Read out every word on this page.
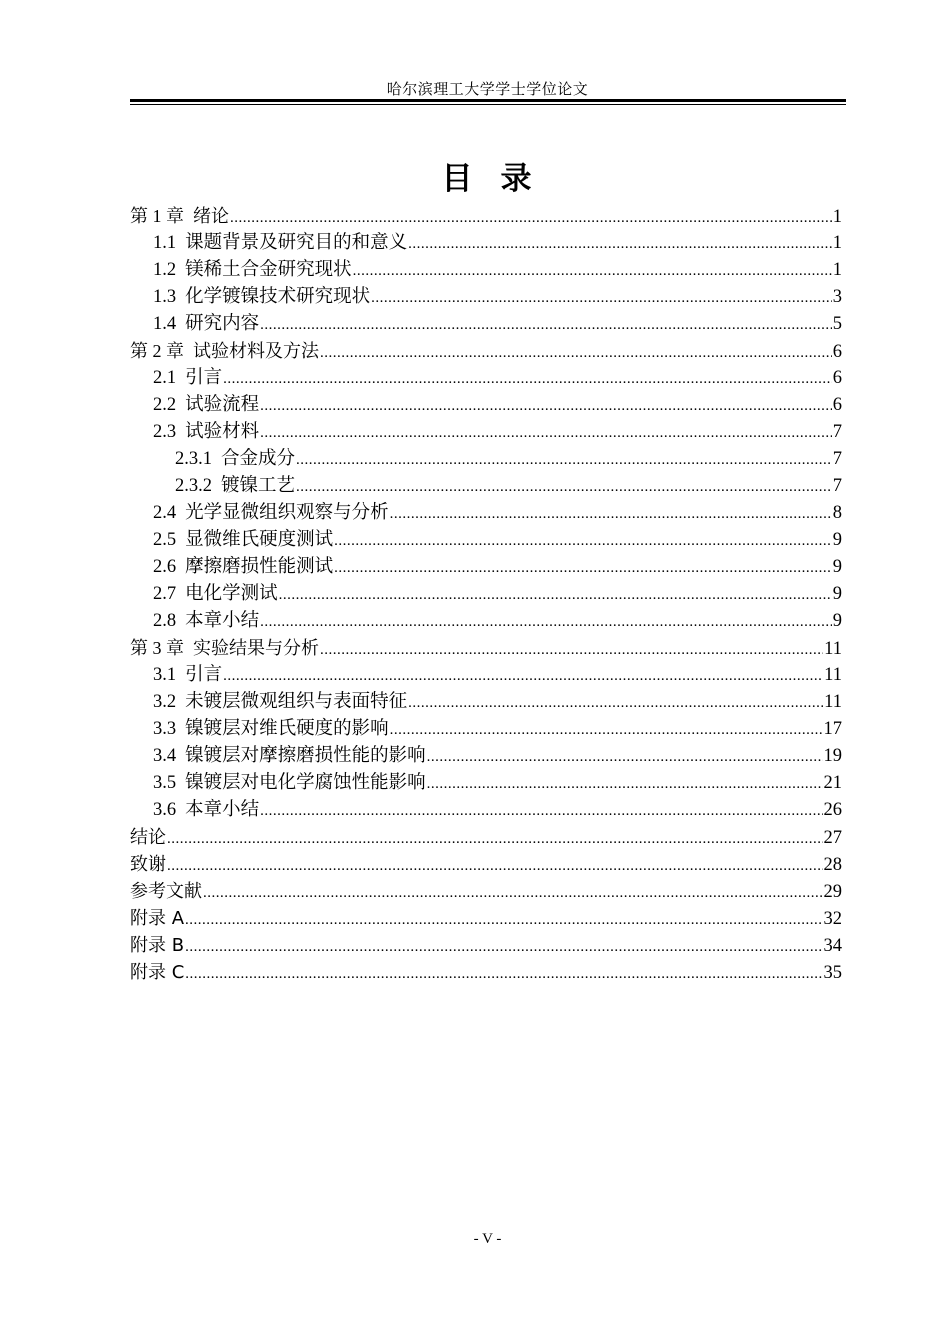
哈尔滨理工大学学士学位论文
目 录
第 1 章 绪论 .....	1
1.1 课题背景及研究目的和意义 .....	1
1.2 镁稀土合金研究现状 .....	1
1.3 化学镀镍技术研究现状 .....	3
1.4 研究内容 .....	5
第 2 章 试验材料及方法 .....	6
2.1 引言 .....	6
2.2 试验流程 .....	6
2.3 试验材料 .....	7
2.3.1 合金成分 .....	7
2.3.2 镀镍工艺 .....	7
2.4 光学显微组织观察与分析 .....	8
2.5 显微维氏硬度测试 .....	9
2.6 摩擦磨损性能测试 .....	9
2.7 电化学测试 .....	9
2.8 本章小结 .....	9
第 3 章 实验结果与分析 .....	11
3.1 引言 .....	11
3.2 未镀层微观组织与表面特征 .....	11
3.3 镍镀层对维氏硬度的影响 .....	17
3.4 镍镀层对摩擦磨损性能的影响 .....	19
3.5 镍镀层对电化学腐蚀性能影响 .....	21
3.6 本章小结 .....	26
结论 .....	27
致谢 .....	28
参考文献 .....	29
附录 A .....	32
附录 B .....	34
附录 C .....	35
- V -
